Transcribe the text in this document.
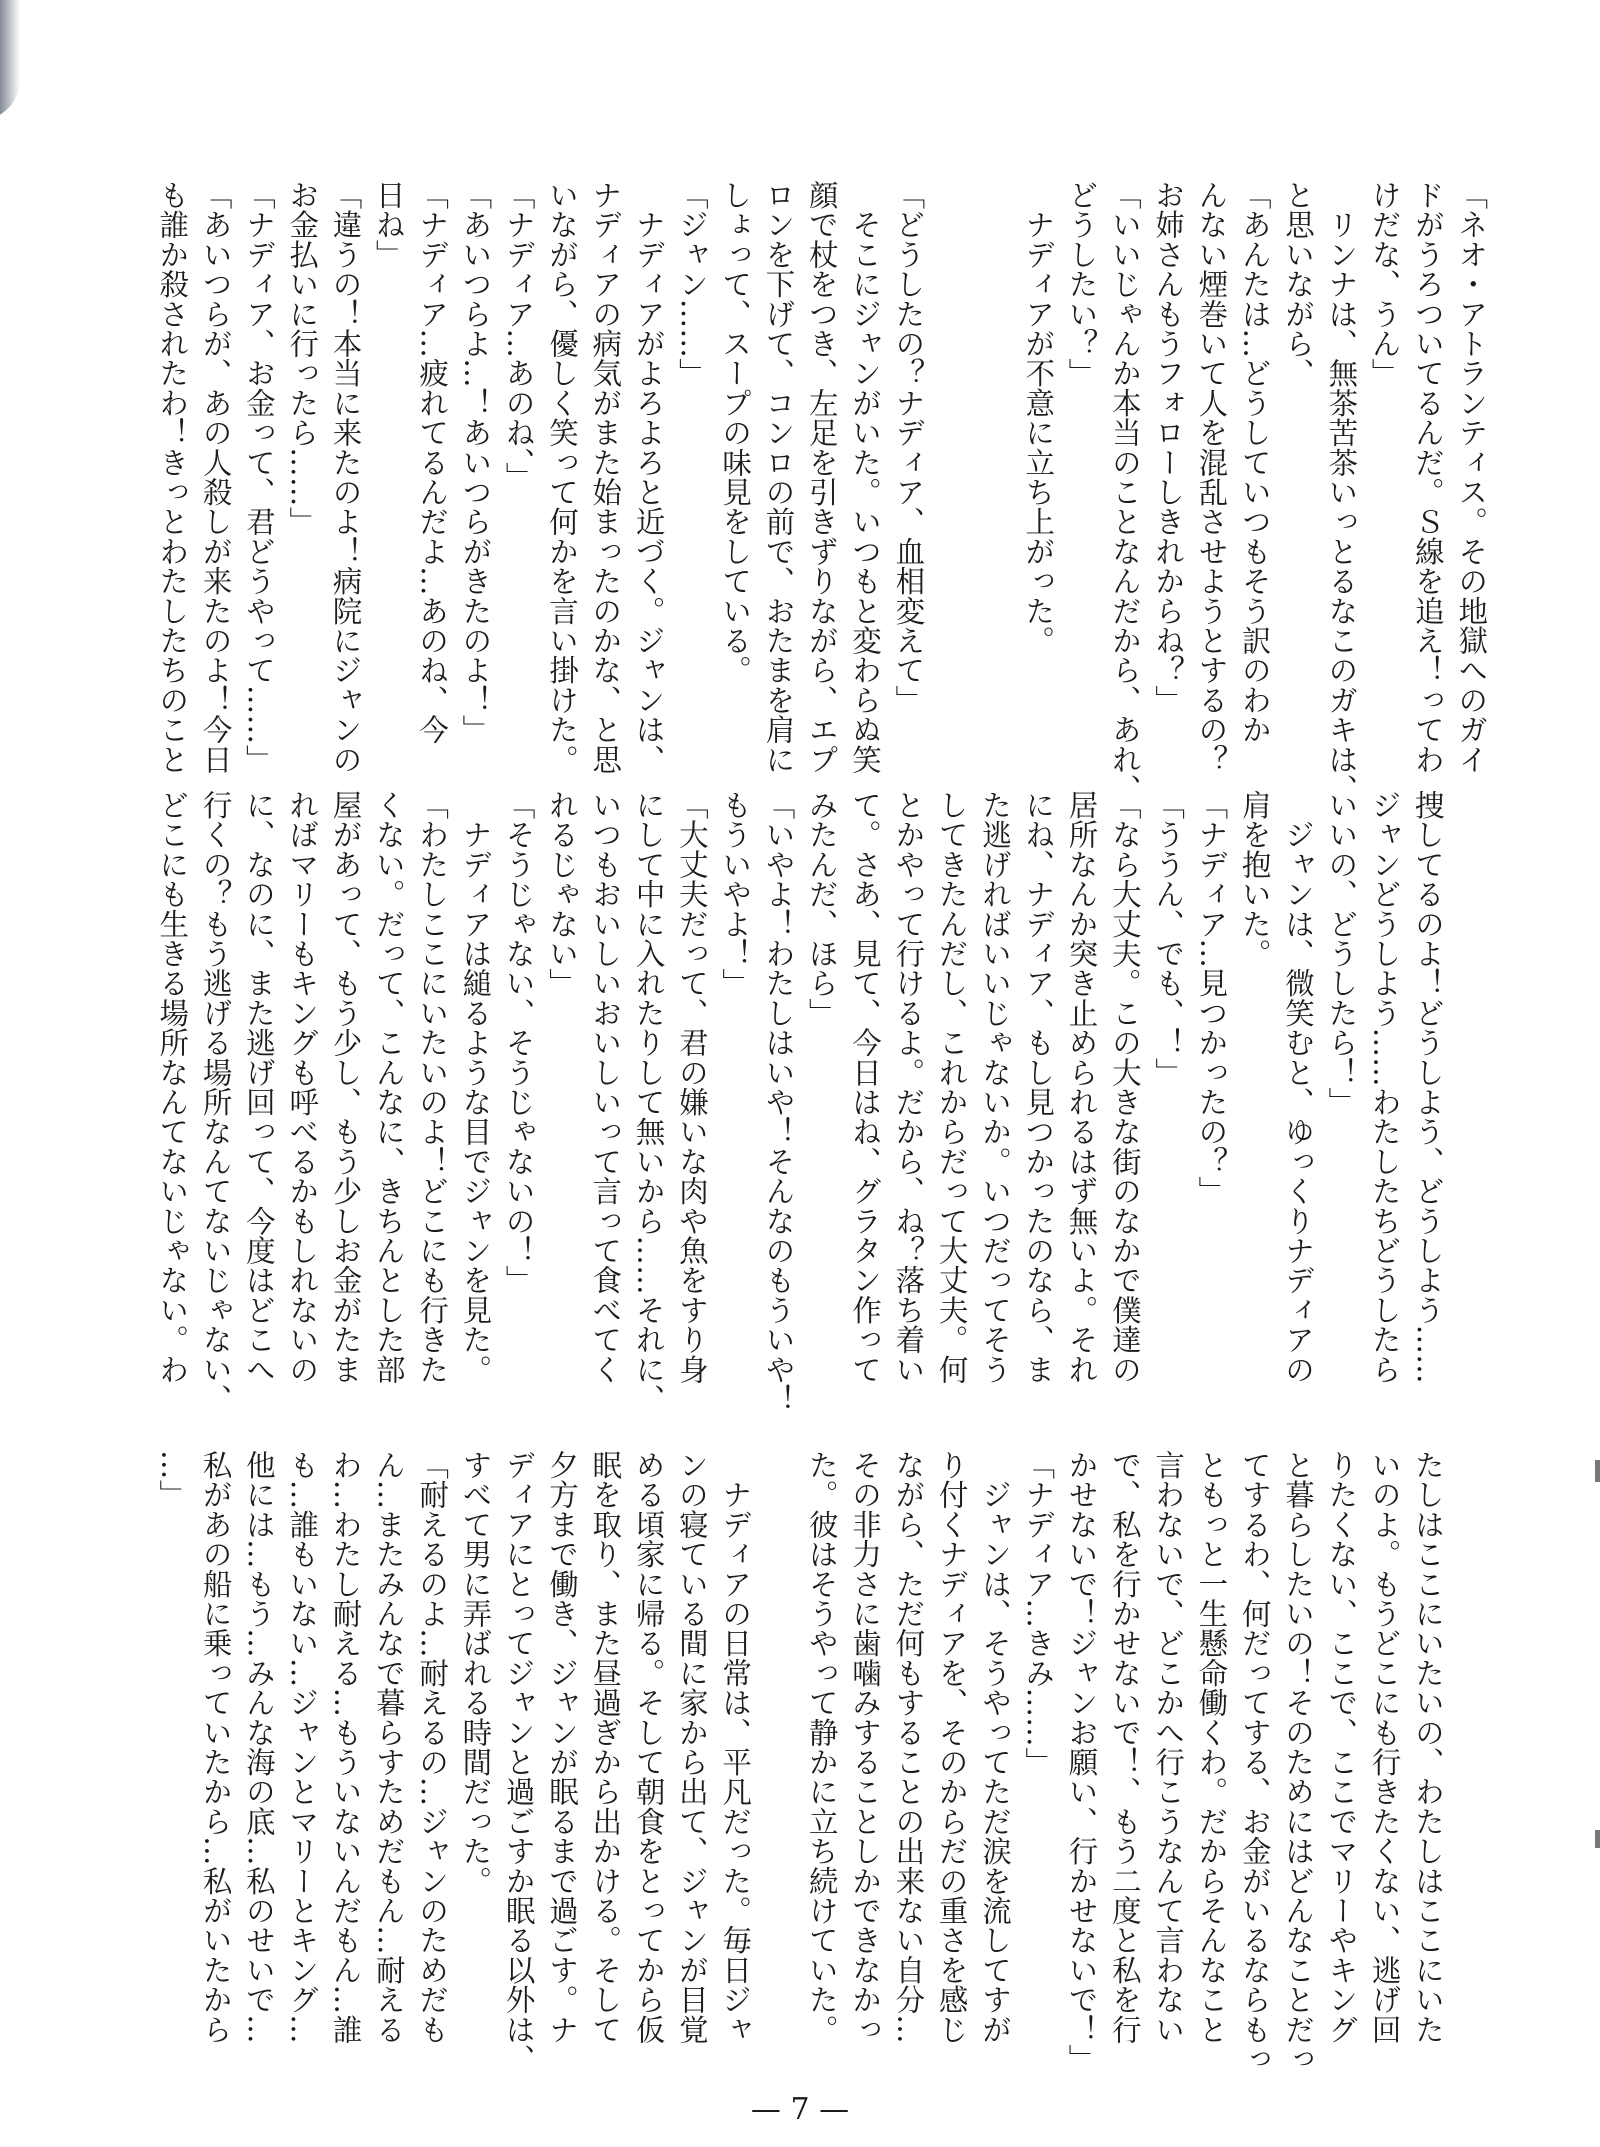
「ネオ・アトランティス。その地獄へのガイ
ドがうろついてるんだ。Ｓ線を追え！ってわ
けだな、うん」
　リンナは、無茶苦茶いっとるなこのガキは、
と思いながら、
「あんたは…どうしていつもそう訳のわか
んない煙巻いて人を混乱させようとするの？
お姉さんもうフォローしきれからね？」
「いいじゃんか本当のことなんだから、あれ、
どうしたい？」
　ナディアが不意に立ち上がった。

「どうしたの？ナディア、血相変えて」
　そこにジャンがいた。いつもと変わらぬ笑
顔で杖をつき、左足を引きずりながら、エプ
ロンを下げて、コンロの前で、おたまを肩に
しょって、スープの味見をしている。
「ジャン……」
　ナディアがよろよろと近づく。ジャンは、
ナディアの病気がまた始まったのかな、と思
いながら、優しく笑って何かを言い掛けた。
「ナディア…あのね、」
「あいつらよ…！あいつらがきたのよ！」
「ナディア…疲れてるんだよ…あのね、今
日ね」
「違うの！本当に来たのよ！病院にジャンの
お金払いに行ったら……」
「ナディア、お金って、君どうやって……」
「あいつらが、あの人殺しが来たのよ！今日
も誰か殺されたわ！きっとわたしたちのこと

捜してるのよ！どうしよう、どうしよう……
ジャンどうしよう……わたしたちどうしたら
いいの、どうしたら！」
　ジャンは、微笑むと、ゆっくりナディアの
肩を抱いた。
「ナディア…見つかったの？」
「ううん、でも、！」
「なら大丈夫。この大きな街のなかで僕達の
居所なんか突き止められるはず無いよ。それ
にね、ナディア、もし見つかったのなら、ま
た逃げればいいじゃないか。いつだってそう
してきたんだし、これからだって大丈夫。何
とかやって行けるよ。だから、ね？落ち着い
て。さあ、見て、今日はね、グラタン作って
みたんだ、ほら」
「いやよ！わたしはいや！そんなのもういや！
もういやよ！」
「大丈夫だって、君の嫌いな肉や魚をすり身
にして中に入れたりして無いから……それに、
いつもおいしいおいしいって言って食べてく
れるじゃない」
「そうじゃない、そうじゃないの！」
　ナディアは縋るような目でジャンを見た。
「わたしここにいたいのよ！どこにも行きた
くない。だって、こんなに、きちんとした部
屋があって、もう少し、もう少しお金がたま
ればマリーもキングも呼べるかもしれないの
に、なのに、また逃げ回って、今度はどこへ
行くの？もう逃げる場所なんてないじゃない、
どこにも生きる場所なんてないじゃない。わ

たしはここにいたいの、わたしはここにいた
いのよ。もうどこにも行きたくない、逃げ回
りたくない、ここで、ここでマリーやキング
と暮らしたいの！そのためにはどんなことだっ
てするわ、何だってする、お金がいるならもっ
ともっと一生懸命働くわ。だからそんなこと
言わないで、どこかへ行こうなんて言わない
で、私を行かせないで！、もう二度と私を行
かせないで！ジャンお願い、行かせないで！」
「ナディア…きみ……」
　ジャンは、そうやってただ涙を流してすが
り付くナディアを、そのからだの重さを感じ
ながら、ただ何もすることの出来ない自分…
その非力さに歯噛みすることしかできなかっ
た。彼はそうやって静かに立ち続けていた。

　ナディアの日常は、平凡だった。毎日ジャ
ンの寝ている間に家から出て、ジャンが目覚
める頃家に帰る。そして朝食をとってから仮
眠を取り、また昼過ぎから出かける。そして
夕方まで働き、ジャンが眠るまで過ごす。ナ
ディアにとってジャンと過ごすか眠る以外は、
すべて男に弄ばれる時間だった。
「耐えるのよ…耐えるの…ジャンのためだも
ん…またみんなで暮らすためだもん…耐える
わ…わたし耐える…もういないんだもん…誰
も…誰もいない…ジャンとマリーとキング…
他には…もう…みんな海の底…私のせいで…
私があの船に乗っていたから…私がいたから
…」

— 7 —
